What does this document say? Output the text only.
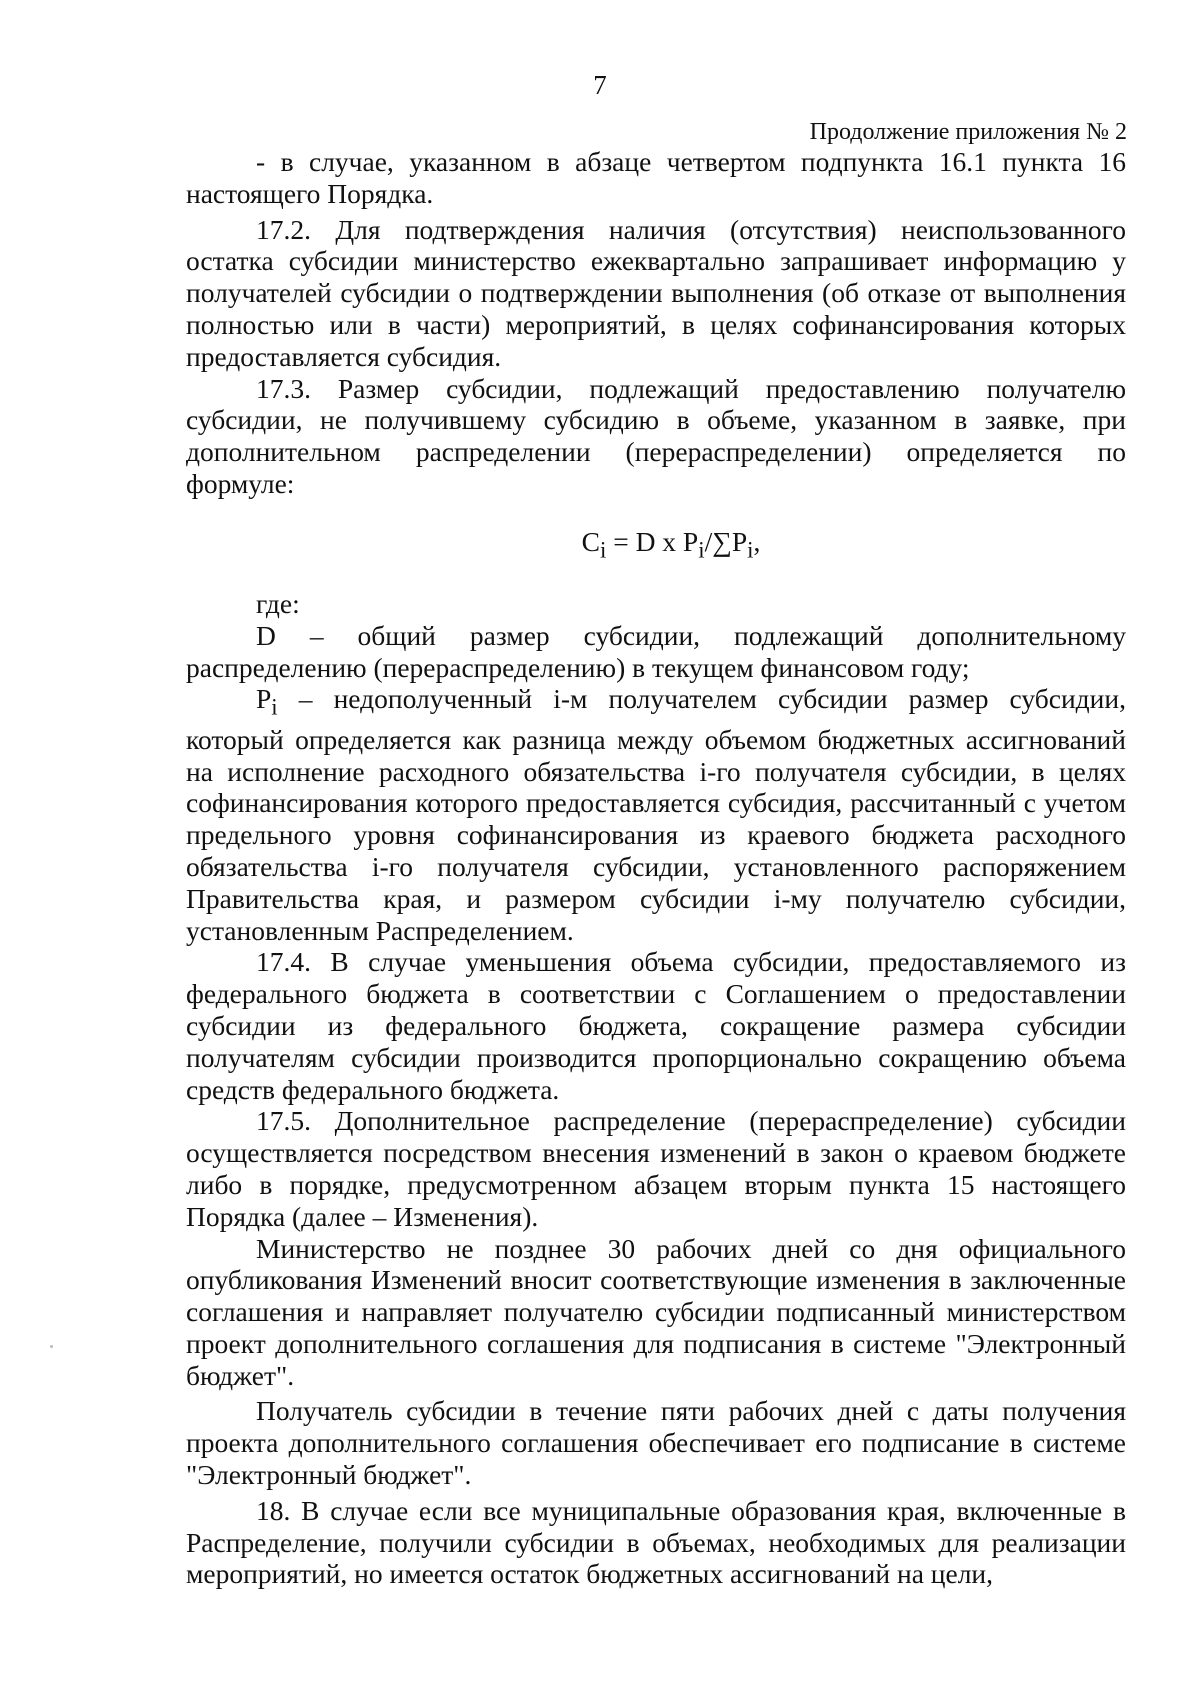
7
Продолжение приложения № 2

- в случае, указанном в абзаце четвертом подпункта 16.1 пункта 16 настоящего Порядка.

17.2. Для подтверждения наличия (отсутствия) неиспользованного остатка субсидии министерство ежеквартально запрашивает информацию у получателей субсидии о подтверждении выполнения (об отказе от выполнения полностью или в части) мероприятий, в целях софинансирования которых предоставляется субсидия.

17.3. Размер субсидии, подлежащий предоставлению получателю субсидии, не получившему субсидию в объеме, указанном в заявке, при дополнительном распределении (перераспределении) определяется по формуле:

$C_i = D$ x $P_i/\sum P_i$,

где:

D – общий размер субсидии, подлежащий дополнительному распределению (перераспределению) в текущем финансовом году;

$P_i$ – недополученный i-м получателем субсидии размер субсидии, который определяется как разница между объемом бюджетных ассигнований на исполнение расходного обязательства i-го получателя субсидии, в целях софинансирования которого предоставляется субсидия, рассчитанный с учетом предельного уровня софинансирования из краевого бюджета расходного обязательства i-го получателя субсидии, установленного распоряжением Правительства края, и размером субсидии i-му получателю субсидии, установленным Распределением.

17.4. В случае уменьшения объема субсидии, предоставляемого из федерального бюджета в соответствии с Соглашением о предоставлении субсидии из федерального бюджета, сокращение размера субсидии получателям субсидии производится пропорционально сокращению объема средств федерального бюджета.

17.5. Дополнительное распределение (перераспределение) субсидии осуществляется посредством внесения изменений в закон о краевом бюджете либо в порядке, предусмотренном абзацем вторым пункта 15 настоящего Порядка (далее – Изменения).

Министерство не позднее 30 рабочих дней со дня официального опубликования Изменений вносит соответствующие изменения в заключенные соглашения и направляет получателю субсидии подписанный министерством проект дополнительного соглашения для подписания в системе "Электронный бюджет".

Получатель субсидии в течение пяти рабочих дней с даты получения проекта дополнительного соглашения обеспечивает его подписание в системе "Электронный бюджет".

18. В случае если все муниципальные образования края, включенные в Распределение, получили субсидии в объемах, необходимых для реализации мероприятий, но имеется остаток бюджетных ассигнований на цели,
